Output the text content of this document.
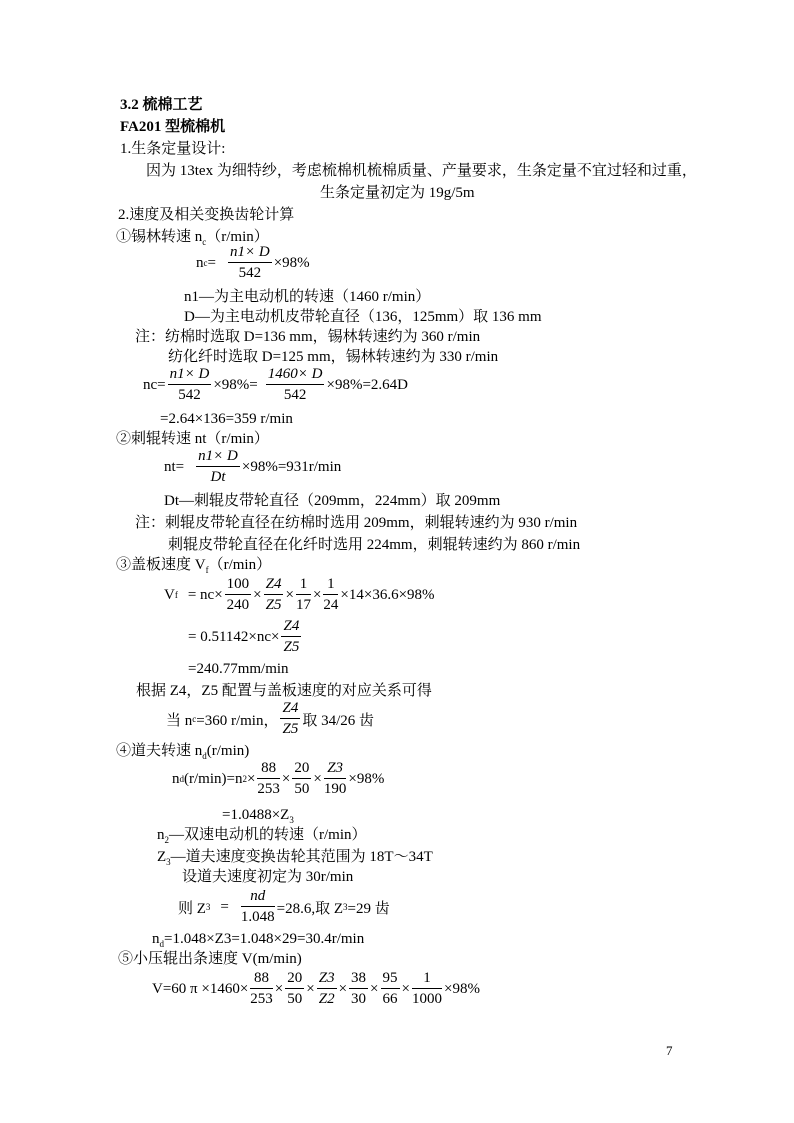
3.2 梳棉工艺
FA201 型梳棉机
1.生条定量设计:
因为 13tex 为细特纱，考虑梳棉机梳棉质量、产量要求，生条定量不宜过轻和过重，
生条定量初定为 19g/5m
2.速度及相关变换齿轮计算
①锡林转速 $n_c(r/\min)$
n $c = \frac{n1\times D}{542} \times 98\%$
n1—为主电动机的转速（1460 r/min）
D—为主电动机皮带轮直径（136，125mm）取 136 mm
注：纺棉时选取 D=136 mm，锡林转速约为 360 r/min
纺化纤时选取 D=125 mm，锡林转速约为 330 r/min
$nc= \frac{n1\times D}{542} \times 98\%= \frac{1460\times D}{542} \times 98\%=2.64D$
=2.64×136=359 r/min
②刺辊转速 nt（r/min）
$nt= \frac{n1\times D}{Dt} \times 98\%=931r/\min$
Dt—刺辊皮带轮直径（209mm，224mm）取 209mm
注：刺辊皮带轮直径在纺棉时选用 209mm，刺辊转速约为 930 r/min
刺辊皮带轮直径在化纤时选用 224mm，刺辊转速约为 860 r/min
③盖板速度 $V_f(r/\min)$
V $f = nc\times \frac{100}{240} \times \frac{Z4}{Z5} \times \frac{1}{17} \times \frac{1}{24} \times 14\times 36.6\times 98\%$
= $0.51142\times nc\times \frac{Z4}{Z5}$
=240.77mm/min
根据 Z4，Z5 配置与盖板速度的对应关系可得
当 n c =360 r/min， $\frac{Z4}{Z5}$ 取 34/26 齿
④道夫转速 $n_d(r/\min)$
n d (r/min)=n $2 \times \frac{88}{253} \times \frac{20}{50} \times \frac{Z3}{190} \times 98\%$
$=1.0488\times Z_3$
$n_2—$双速电动机的转速（r/min）
$Z_3—$道夫速度变换齿轮其范围为 18T～34T
设道夫速度初定为 30r/min
则 Z $3 = \frac{nd}{1.048} =28.6$,取 Z 3 =29 齿
$n_d=1.048\times Z3=1.048\times 29=30.4r/\min$
⑤小压辊出条速度 V(m/min)
V=60 $\pi \times 1460\times \frac{88}{253} \times \frac{20}{50} \times \frac{Z3}{Z2} \times \frac{38}{30} \times \frac{95}{66} \times \frac{1}{1000} \times 98\%$
7
